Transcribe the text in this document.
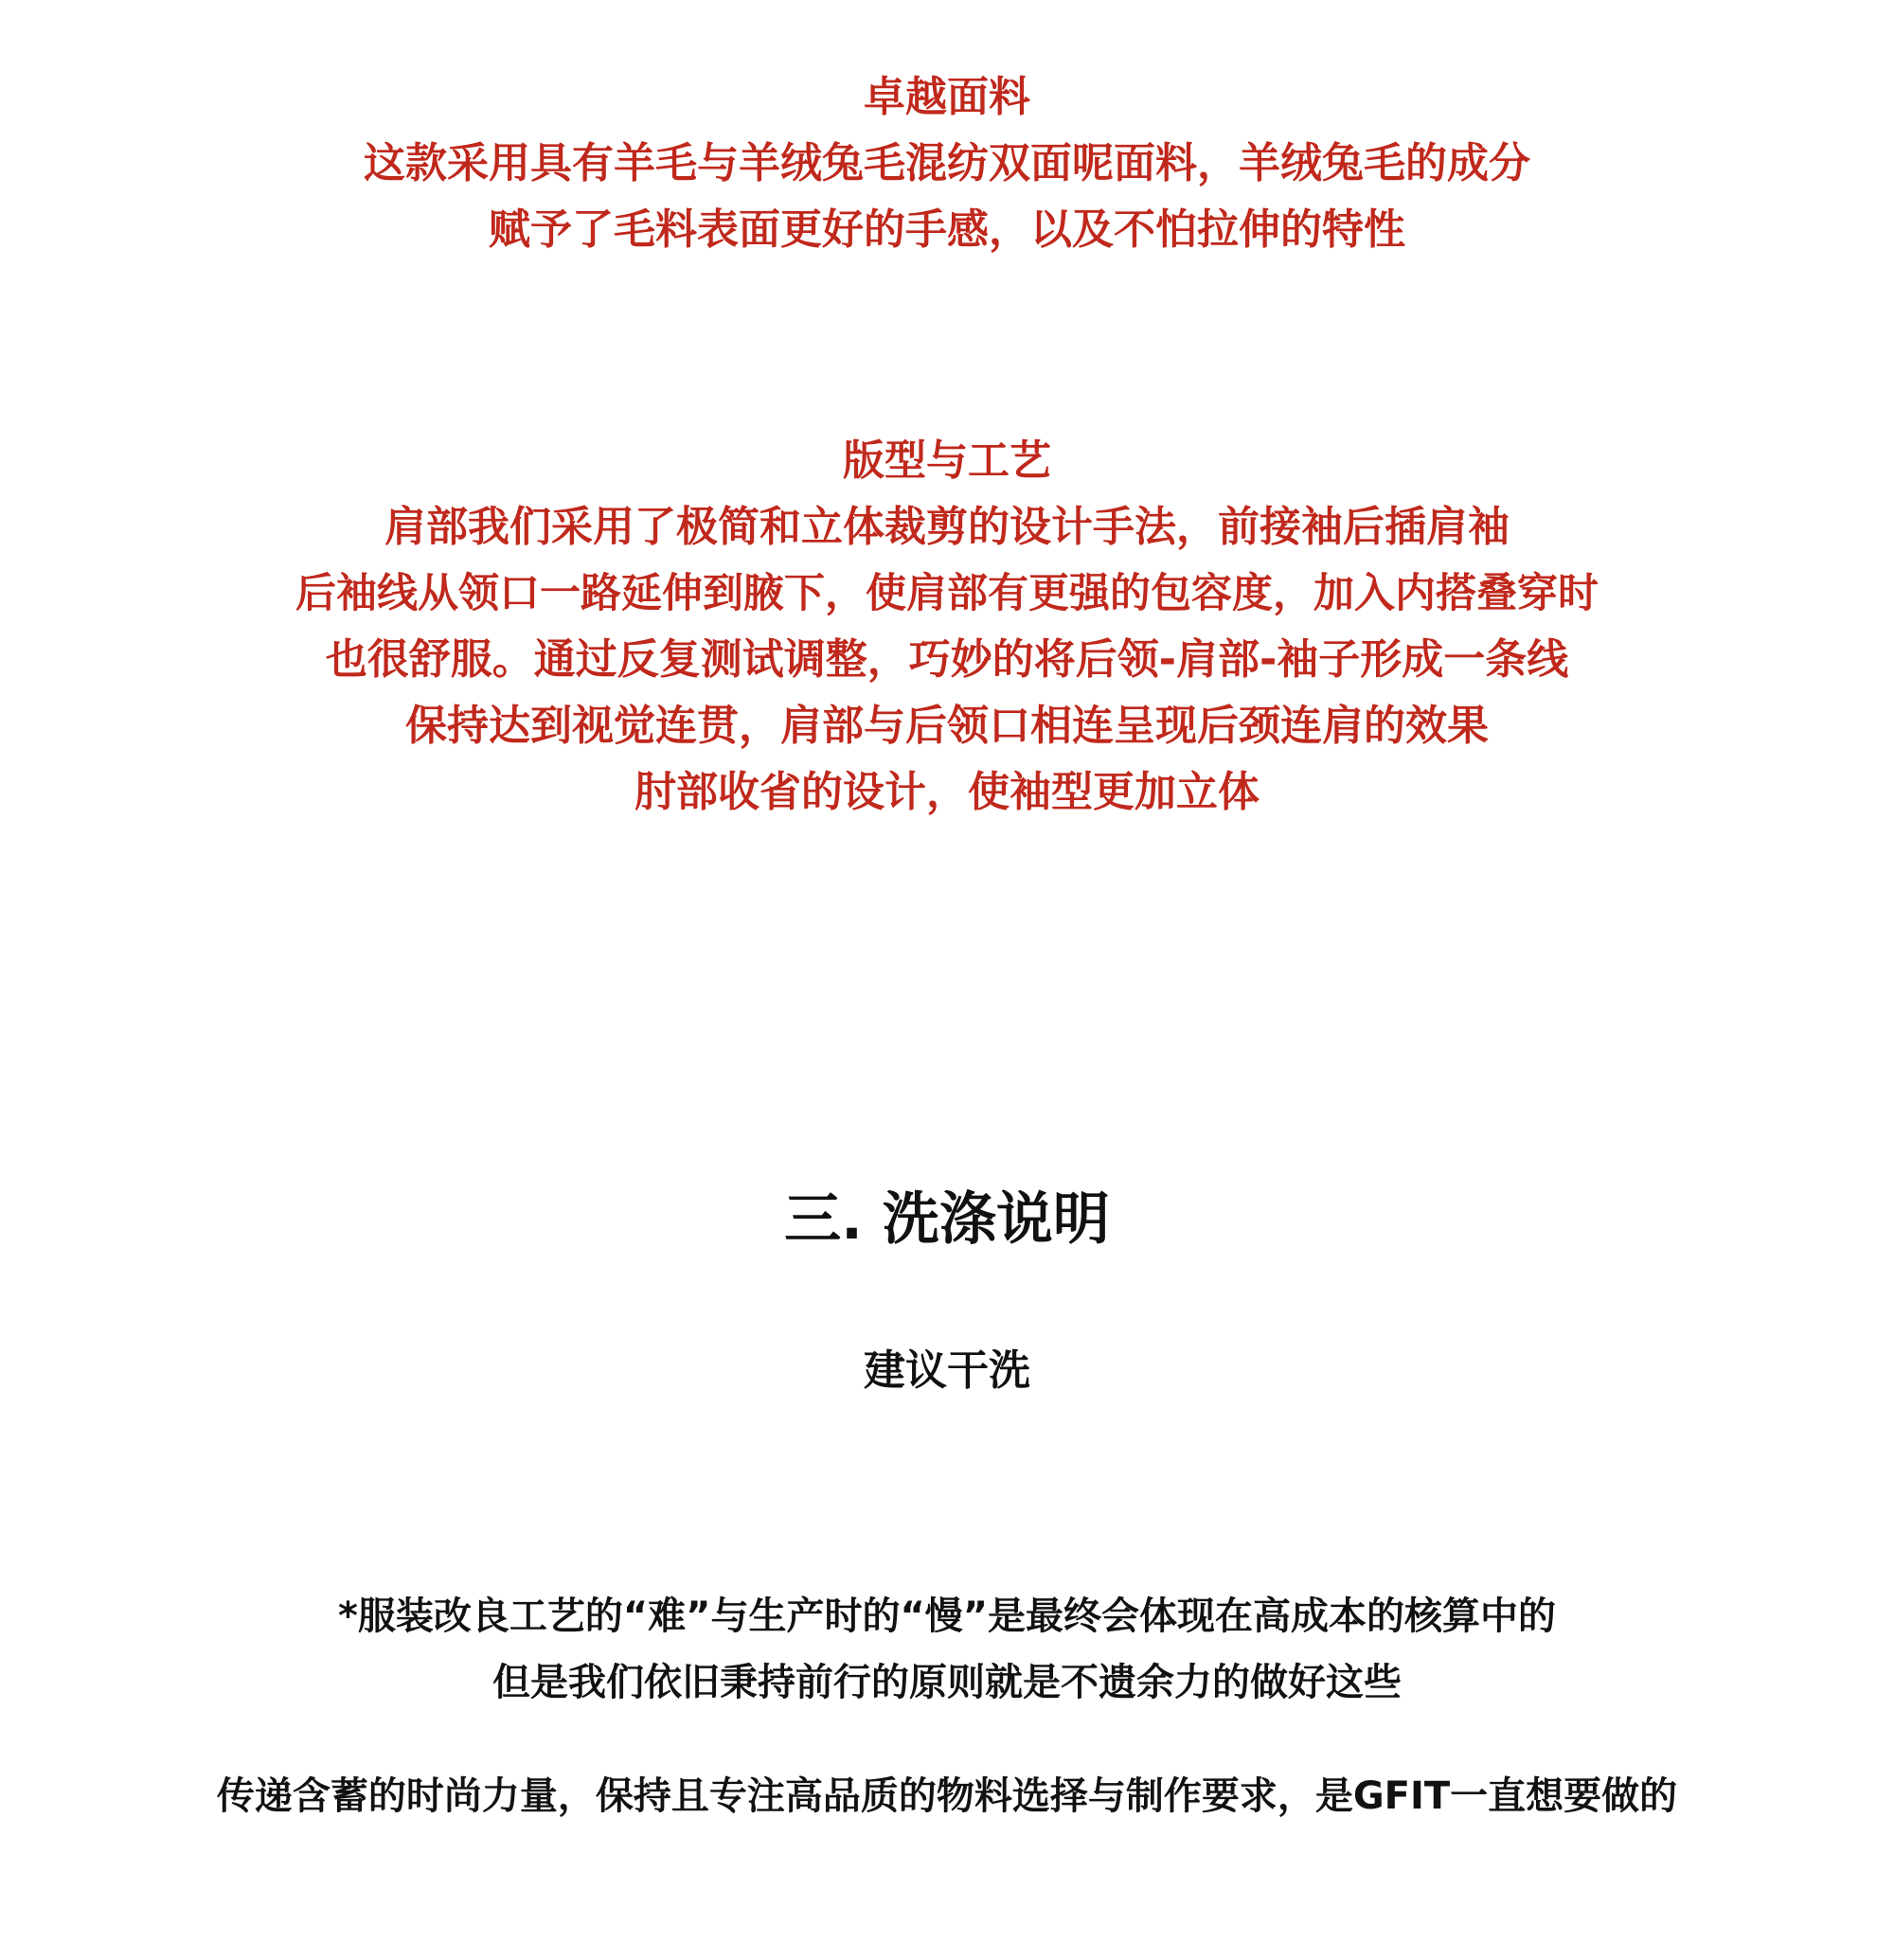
卓越面料
这款采用具有羊毛与羊绒兔毛混纺双面呢面料，羊绒兔毛的成分
赋予了毛料表面更好的手感，以及不怕拉伸的特性
版型与工艺
肩部我们采用了极简和立体裁剪的设计手法，前接袖后插肩袖
后袖线从领口一路延伸到腋下，使肩部有更强的包容度，加入内搭叠穿时
也很舒服。通过反复测试调整，巧妙的将后领-肩部-袖子形成一条线
保持达到视觉连贯，肩部与后领口相连呈现后颈连肩的效果
肘部收省的设计，使袖型更加立体
三. 洗涤说明
建议干洗
*服装改良工艺的“难”与生产时的“慢”是最终会体现在高成本的核算中的
但是我们依旧秉持前行的原则就是不遗余力的做好这些
传递含蓄的时尚力量，保持且专注高品质的物料选择与制作要求，是GFIT一直想要做的
